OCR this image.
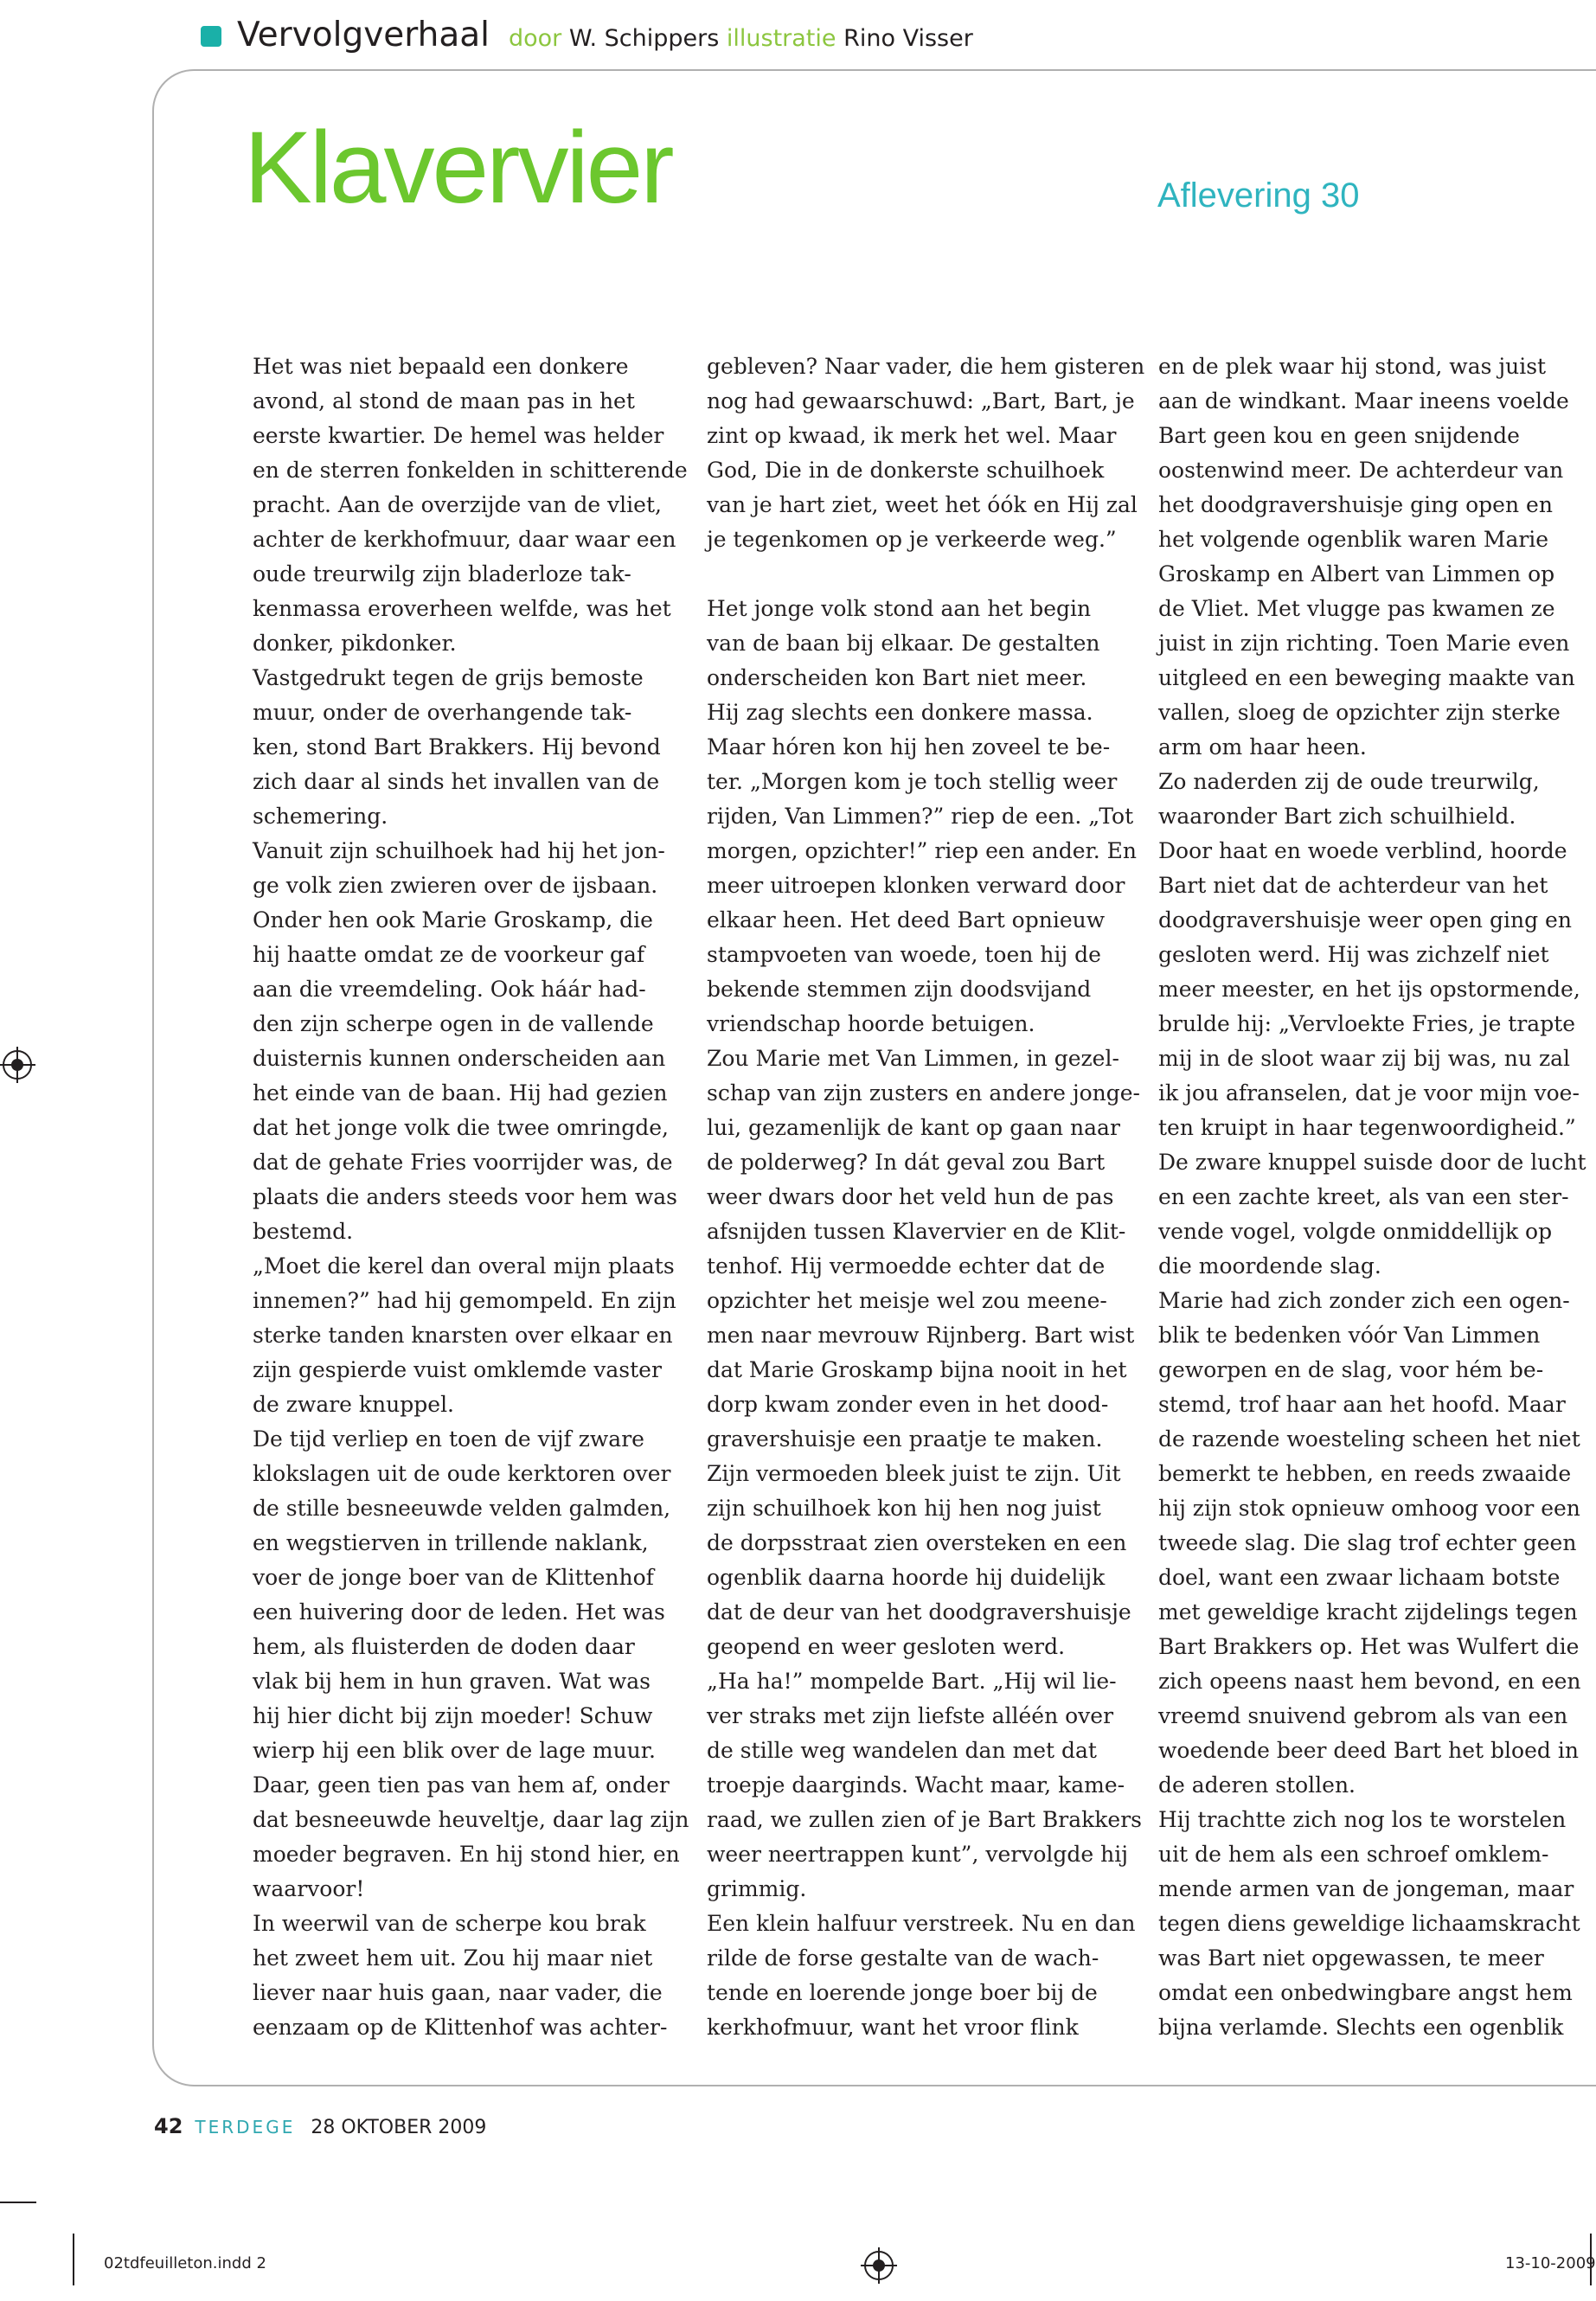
Vervolgverhaal door W. Schippers illustratie Rino Visser
Klavervier	Aflevering 30
Het was niet bepaald een donkere
avond, al stond de maan pas in het
eerste kwartier. De hemel was helder
en de sterren fonkelden in schitterende
pracht. Aan de overzijde van de vliet,
achter de kerkhofmuur, daar waar een
oude treurwilg zijn bladerloze tak-
kenmassa eroverheen welfde, was het
donker, pikdonker.
Vastgedrukt tegen de grijs bemoste
muur, onder de overhangende tak-
ken, stond Bart Brakkers. Hij bevond
zich daar al sinds het invallen van de
schemering.
Vanuit zijn schuilhoek had hij het jon-
ge volk zien zwieren over de ijsbaan.
Onder hen ook Marie Groskamp, die
hij haatte omdat ze de voorkeur gaf
aan die vreemdeling. Ook háár had-
den zijn scherpe ogen in de vallende
duisternis kunnen onderscheiden aan
het einde van de baan. Hij had gezien
dat het jonge volk die twee omringde,
dat de gehate Fries voorrijder was, de
plaats die anders steeds voor hem was
bestemd.
„Moet die kerel dan overal mijn plaats
innemen?” had hij gemompeld. En zijn
sterke tanden knarsten over elkaar en
zijn gespierde vuist omklemde vaster
de zware knuppel.
De tijd verliep en toen de vijf zware
klokslagen uit de oude kerktoren over
de stille besneeuwde velden galmden,
en wegstierven in trillende naklank,
voer de jonge boer van de Klittenhof
een huivering door de leden. Het was
hem, als fluisterden de doden daar
vlak bij hem in hun graven. Wat was
hij hier dicht bij zijn moeder! Schuw
wierp hij een blik over de lage muur.
Daar, geen tien pas van hem af, onder
dat besneeuwde heuveltje, daar lag zijn
moeder begraven. En hij stond hier, en
waarvoor!
In weerwil van de scherpe kou brak
het zweet hem uit. Zou hij maar niet
liever naar huis gaan, naar vader, die
eenzaam op de Klittenhof was achter-
gebleven? Naar vader, die hem gisteren
nog had gewaarschuwd: „Bart, Bart, je
zint op kwaad, ik merk het wel. Maar
God, Die in de donkerste schuilhoek
van je hart ziet, weet het óók en Hij zal
je tegenkomen op je verkeerde weg.”
Het jonge volk stond aan het begin
van de baan bij elkaar. De gestalten
onderscheiden kon Bart niet meer.
Hij zag slechts een donkere massa.
Maar hóren kon hij hen zoveel te be-
ter. „Morgen kom je toch stellig weer
rijden, Van Limmen?” riep de een. „Tot
morgen, opzichter!” riep een ander. En
meer uitroepen klonken verward door
elkaar heen. Het deed Bart opnieuw
stampvoeten van woede, toen hij de
bekende stemmen zijn doodsvijand
vriendschap hoorde betuigen.
Zou Marie met Van Limmen, in gezel-
schap van zijn zusters en andere jonge-
lui, gezamenlijk de kant op gaan naar
de polderweg? In dát geval zou Bart
weer dwars door het veld hun de pas
afsnijden tussen Klavervier en de Klit-
tenhof. Hij vermoedde echter dat de
opzichter het meisje wel zou meene-
men naar mevrouw Rijnberg. Bart wist
dat Marie Groskamp bijna nooit in het
dorp kwam zonder even in het dood-
gravershuisje een praatje te maken.
Zijn vermoeden bleek juist te zijn. Uit
zijn schuilhoek kon hij hen nog juist
de dorpsstraat zien oversteken en een
ogenblik daarna hoorde hij duidelijk
dat de deur van het doodgravershuisje
geopend en weer gesloten werd.
„Ha ha!” mompelde Bart. „Hij wil lie-
ver straks met zijn liefste alléén over
de stille weg wandelen dan met dat
troepje daarginds. Wacht maar, kame-
raad, we zullen zien of je Bart Brakkers
weer neertrappen kunt”, vervolgde hij
grimmig.
Een klein halfuur verstreek. Nu en dan
rilde de forse gestalte van de wach-
tende en loerende jonge boer bij de
kerkhofmuur, want het vroor flink
en de plek waar hij stond, was juist
aan de windkant. Maar ineens voelde
Bart geen kou en geen snijdende
oostenwind meer. De achterdeur van
het doodgravershuisje ging open en
het volgende ogenblik waren Marie
Groskamp en Albert van Limmen op
de Vliet. Met vlugge pas kwamen ze
juist in zijn richting. Toen Marie even
uitgleed en een beweging maakte van
vallen, sloeg de opzichter zijn sterke
arm om haar heen.
Zo naderden zij de oude treurwilg,
waaronder Bart zich schuilhield.
Door haat en woede verblind, hoorde
Bart niet dat de achterdeur van het
doodgravershuisje weer open ging en
gesloten werd. Hij was zichzelf niet
meer meester, en het ijs opstormende,
brulde hij: „Vervloekte Fries, je trapte
mij in de sloot waar zij bij was, nu zal
ik jou afranselen, dat je voor mijn voe-
ten kruipt in haar tegenwoordigheid.”
De zware knuppel suisde door de lucht
en een zachte kreet, als van een ster-
vende vogel, volgde onmiddellijk op
die moordende slag.
Marie had zich zonder zich een ogen-
blik te bedenken vóór Van Limmen
geworpen en de slag, voor hém be-
stemd, trof haar aan het hoofd. Maar
de razende woesteling scheen het niet
bemerkt te hebben, en reeds zwaaide
hij zijn stok opnieuw omhoog voor een
tweede slag. Die slag trof echter geen
doel, want een zwaar lichaam botste
met geweldige kracht zijdelings tegen
Bart Brakkers op. Het was Wulfert die
zich opeens naast hem bevond, en een
vreemd snuivend gebrom als van een
woedende beer deed Bart het bloed in
de aderen stollen.
Hij trachtte zich nog los te worstelen
uit de hem als een schroef omklem-
mende armen van de jongeman, maar
tegen diens geweldige lichaamskracht
was Bart niet opgewassen, te meer
omdat een onbedwingbare angst hem
bijna verlamde. Slechts een ogenblik
42 TERDEGE 28 OKTOBER 2009
02tdfeuilleton.indd 2	13-10-2009
